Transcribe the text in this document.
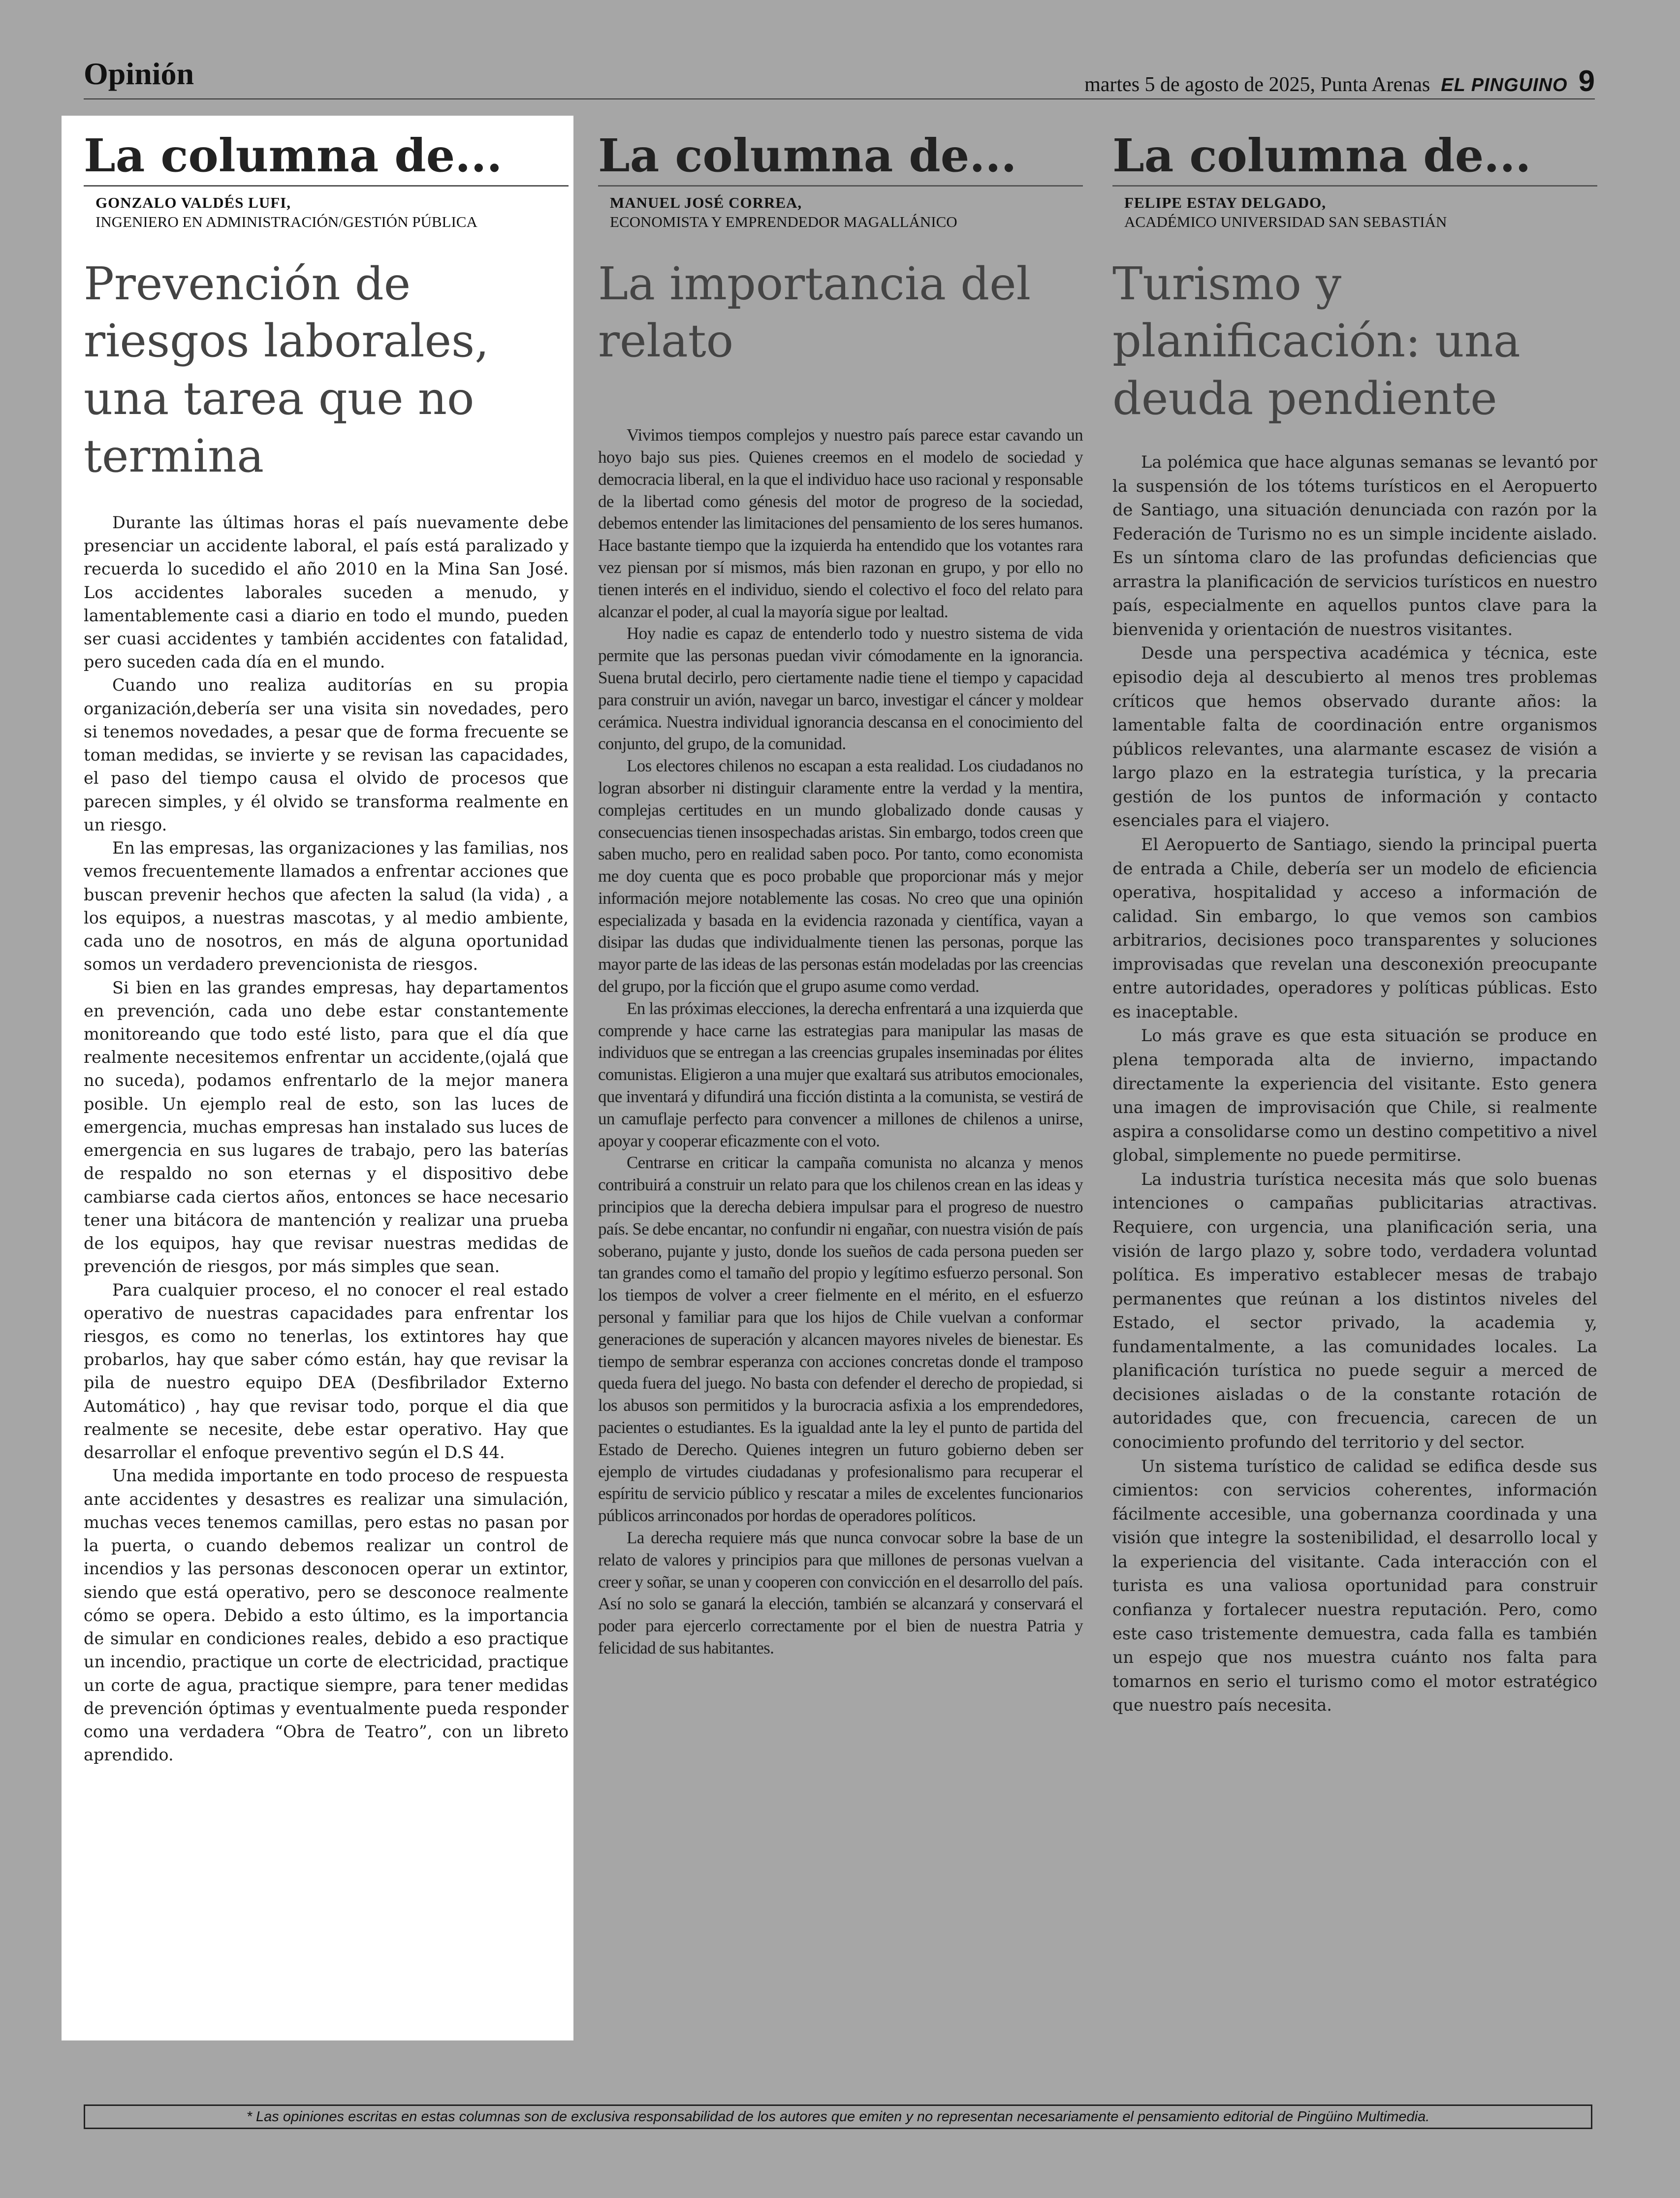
Opinión	martes 5 de agosto de 2025, Punta Arenas EL PINGUINO 9
La columna de...
GONZALO VALDÉS LUFI,
INGENIERO EN ADMINISTRACIÓN/GESTIÓN PÚBLICA
Prevención de riesgos laborales, una tarea que no termina

Durante las últimas horas el país nuevamente debe presenciar un accidente laboral, el país está paralizado y recuerda lo sucedido el año 2010 en la Mina San José. Los accidentes laborales suceden a menudo, y lamentablemente casi a diario en todo el mundo, pueden ser cuasi accidentes y también accidentes con fatalidad, pero suceden cada día en el mundo.

Cuando uno realiza auditorías en su propia organización,debería ser una visita sin novedades, pero si tenemos novedades, a pesar que de forma frecuente se toman medidas, se invierte y se revisan las capacidades, el paso del tiempo causa el olvido de procesos que parecen simples, y él olvido se transforma realmente en un riesgo.

En las empresas, las organizaciones y las familias, nos vemos frecuentemente llamados a enfrentar acciones que buscan prevenir hechos que afecten la salud (la vida) , a los equipos, a nuestras mascotas, y al medio ambiente, cada uno de nosotros, en más de alguna oportunidad somos un verdadero prevencionista de riesgos.

Si bien en las grandes empresas, hay departamentos en prevención, cada uno debe estar constantemente monitoreando que todo esté listo, para que el día que realmente necesitemos enfrentar un accidente,(ojalá que no suceda), podamos enfrentarlo de la mejor manera posible. Un ejemplo real de esto, son las luces de emergencia, muchas empresas han instalado sus luces de emergencia en sus lugares de trabajo, pero las baterías de respaldo no son eternas y el dispositivo debe cambiarse cada ciertos años, entonces se hace necesario tener una bitácora de mantención y realizar una prueba de los equipos, hay que revisar nuestras medidas de prevención de riesgos, por más simples que sean.

Para cualquier proceso, el no conocer el real estado operativo de nuestras capacidades para enfrentar los riesgos, es como no tenerlas, los extintores hay que probarlos, hay que saber cómo están, hay que revisar la pila de nuestro equipo DEA (Desfibrilador Externo Automático) , hay que revisar todo, porque el dia que realmente se necesite, debe estar operativo. Hay que desarrollar el enfoque preventivo según el D.S 44.

Una medida importante en todo proceso de respuesta ante accidentes y desastres es realizar una simulación, muchas veces tenemos camillas, pero estas no pasan por la puerta, o cuando debemos realizar un control de incendios y las personas desconocen operar un extintor, siendo que está operativo, pero se desconoce realmente cómo se opera. Debido a esto último, es la importancia de simular en condiciones reales, debido a eso practique un incendio, practique un corte de electricidad, practique un corte de agua, practique siempre, para tener medidas de prevención óptimas y eventualmente pueda responder como una verdadera “Obra de Teatro”, con un libreto aprendido.

La columna de...
MANUEL JOSÉ CORREA,
ECONOMISTA Y EMPRENDEDOR MAGALLÁNICO
La importancia del relato

Vivimos tiempos complejos y nuestro país parece estar cavando un hoyo bajo sus pies. Quienes creemos en el modelo de sociedad y democracia liberal, en la que el individuo hace uso racional y responsable de la libertad como génesis del motor de progreso de la sociedad, debemos entender las limitaciones del pensamiento de los seres humanos. Hace bastante tiempo que la izquierda ha entendido que los votantes rara vez piensan por sí mismos, más bien razonan en grupo, y por ello no tienen interés en el individuo, siendo el colectivo el foco del relato para alcanzar el poder, al cual la mayoría sigue por lealtad.

Hoy nadie es capaz de entenderlo todo y nuestro sistema de vida permite que las personas puedan vivir cómodamente en la ignorancia. Suena brutal decirlo, pero ciertamente nadie tiene el tiempo y capacidad para construir un avión, navegar un barco, investigar el cáncer y moldear cerámica. Nuestra individual ignorancia descansa en el conocimiento del conjunto, del grupo, de la comunidad.

Los electores chilenos no escapan a esta realidad. Los ciudadanos no logran absorber ni distinguir claramente entre la verdad y la mentira, complejas certitudes en un mundo globalizado donde causas y consecuencias tienen insospechadas aristas. Sin embargo, todos creen que saben mucho, pero en realidad saben poco. Por tanto, como economista me doy cuenta que es poco probable que proporcionar más y mejor información mejore notablemente las cosas. No creo que una opinión especializada y basada en la evidencia razonada y científica, vayan a disipar las dudas que individualmente tienen las personas, porque las mayor parte de las ideas de las personas están modeladas por las creencias del grupo, por la ficción que el grupo asume como verdad.

En las próximas elecciones, la derecha enfrentará a una izquierda que comprende y hace carne las estrategias para manipular las masas de individuos que se entregan a las creencias grupales inseminadas por élites comunistas. Eligieron a una mujer que exaltará sus atributos emocionales, que inventará y difundirá una ficción distinta a la comunista, se vestirá de un camuflaje perfecto para convencer a millones de chilenos a unirse, apoyar y cooperar eficazmente con el voto.

Centrarse en criticar la campaña comunista no alcanza y menos contribuirá a construir un relato para que los chilenos crean en las ideas y principios que la derecha debiera impulsar para el progreso de nuestro país. Se debe encantar, no confundir ni engañar, con nuestra visión de país soberano, pujante y justo, donde los sueños de cada persona pueden ser tan grandes como el tamaño del propio y legítimo esfuerzo personal. Son los tiempos de volver a creer fielmente en el mérito, en el esfuerzo personal y familiar para que los hijos de Chile vuelvan a conformar generaciones de superación y alcancen mayores niveles de bienestar. Es tiempo de sembrar esperanza con acciones concretas donde el tramposo queda fuera del juego. No basta con defender el derecho de propiedad, si los abusos son permitidos y la burocracia asfixia a los emprendedores, pacientes o estudiantes. Es la igualdad ante la ley el punto de partida del Estado de Derecho. Quienes integren un futuro gobierno deben ser ejemplo de virtudes ciudadanas y profesionalismo para recuperar el espíritu de servicio público y rescatar a miles de excelentes funcionarios públicos arrinconados por hordas de operadores políticos.

La derecha requiere más que nunca convocar sobre la base de un relato de valores y principios para que millones de personas vuelvan a creer y soñar, se unan y cooperen con convicción en el desarrollo del país. Así no solo se ganará la elección, también se alcanzará y conservará el poder para ejercerlo correctamente por el bien de nuestra Patria y felicidad de sus habitantes.

La columna de...
FELIPE ESTAY DELGADO,
ACADÉMICO UNIVERSIDAD SAN SEBASTIÁN
Turismo y planificación: una deuda pendiente

La polémica que hace algunas semanas se levantó por la suspensión de los tótems turísticos en el Aeropuerto de Santiago, una situación denunciada con razón por la Federación de Turismo no es un simple incidente aislado. Es un síntoma claro de las profundas deficiencias que arrastra la planificación de servicios turísticos en nuestro país, especialmente en aquellos puntos clave para la bienvenida y orientación de nuestros visitantes.

Desde una perspectiva académica y técnica, este episodio deja al descubierto al menos tres problemas críticos que hemos observado durante años: la lamentable falta de coordinación entre organismos públicos relevantes, una alarmante escasez de visión a largo plazo en la estrategia turística, y la precaria gestión de los puntos de información y contacto esenciales para el viajero.

El Aeropuerto de Santiago, siendo la principal puerta de entrada a Chile, debería ser un modelo de eficiencia operativa, hospitalidad y acceso a información de calidad. Sin embargo, lo que vemos son cambios arbitrarios, decisiones poco transparentes y soluciones improvisadas que revelan una desconexión preocupante entre autoridades, operadores y políticas públicas. Esto es inaceptable.

Lo más grave es que esta situación se produce en plena temporada alta de invierno, impactando directamente la experiencia del visitante. Esto genera una imagen de improvisación que Chile, si realmente aspira a consolidarse como un destino competitivo a nivel global, simplemente no puede permitirse.

La industria turística necesita más que solo buenas intenciones o campañas publicitarias atractivas. Requiere, con urgencia, una planificación seria, una visión de largo plazo y, sobre todo, verdadera voluntad política. Es imperativo establecer mesas de trabajo permanentes que reúnan a los distintos niveles del Estado, el sector privado, la academia y, fundamentalmente, a las comunidades locales. La planificación turística no puede seguir a merced de decisiones aisladas o de la constante rotación de autoridades que, con frecuencia, carecen de un conocimiento profundo del territorio y del sector.

Un sistema turístico de calidad se edifica desde sus cimientos: con servicios coherentes, información fácilmente accesible, una gobernanza coordinada y una visión que integre la sostenibilidad, el desarrollo local y la experiencia del visitante. Cada interacción con el turista es una valiosa oportunidad para construir confianza y fortalecer nuestra reputación. Pero, como este caso tristemente demuestra, cada falla es también un espejo que nos muestra cuánto nos falta para tomarnos en serio el turismo como el motor estratégico que nuestro país necesita.

* Las opiniones escritas en estas columnas son de exclusiva responsabilidad de los autores que emiten y no representan necesariamente el pensamiento editorial de Pingüino Multimedia.
